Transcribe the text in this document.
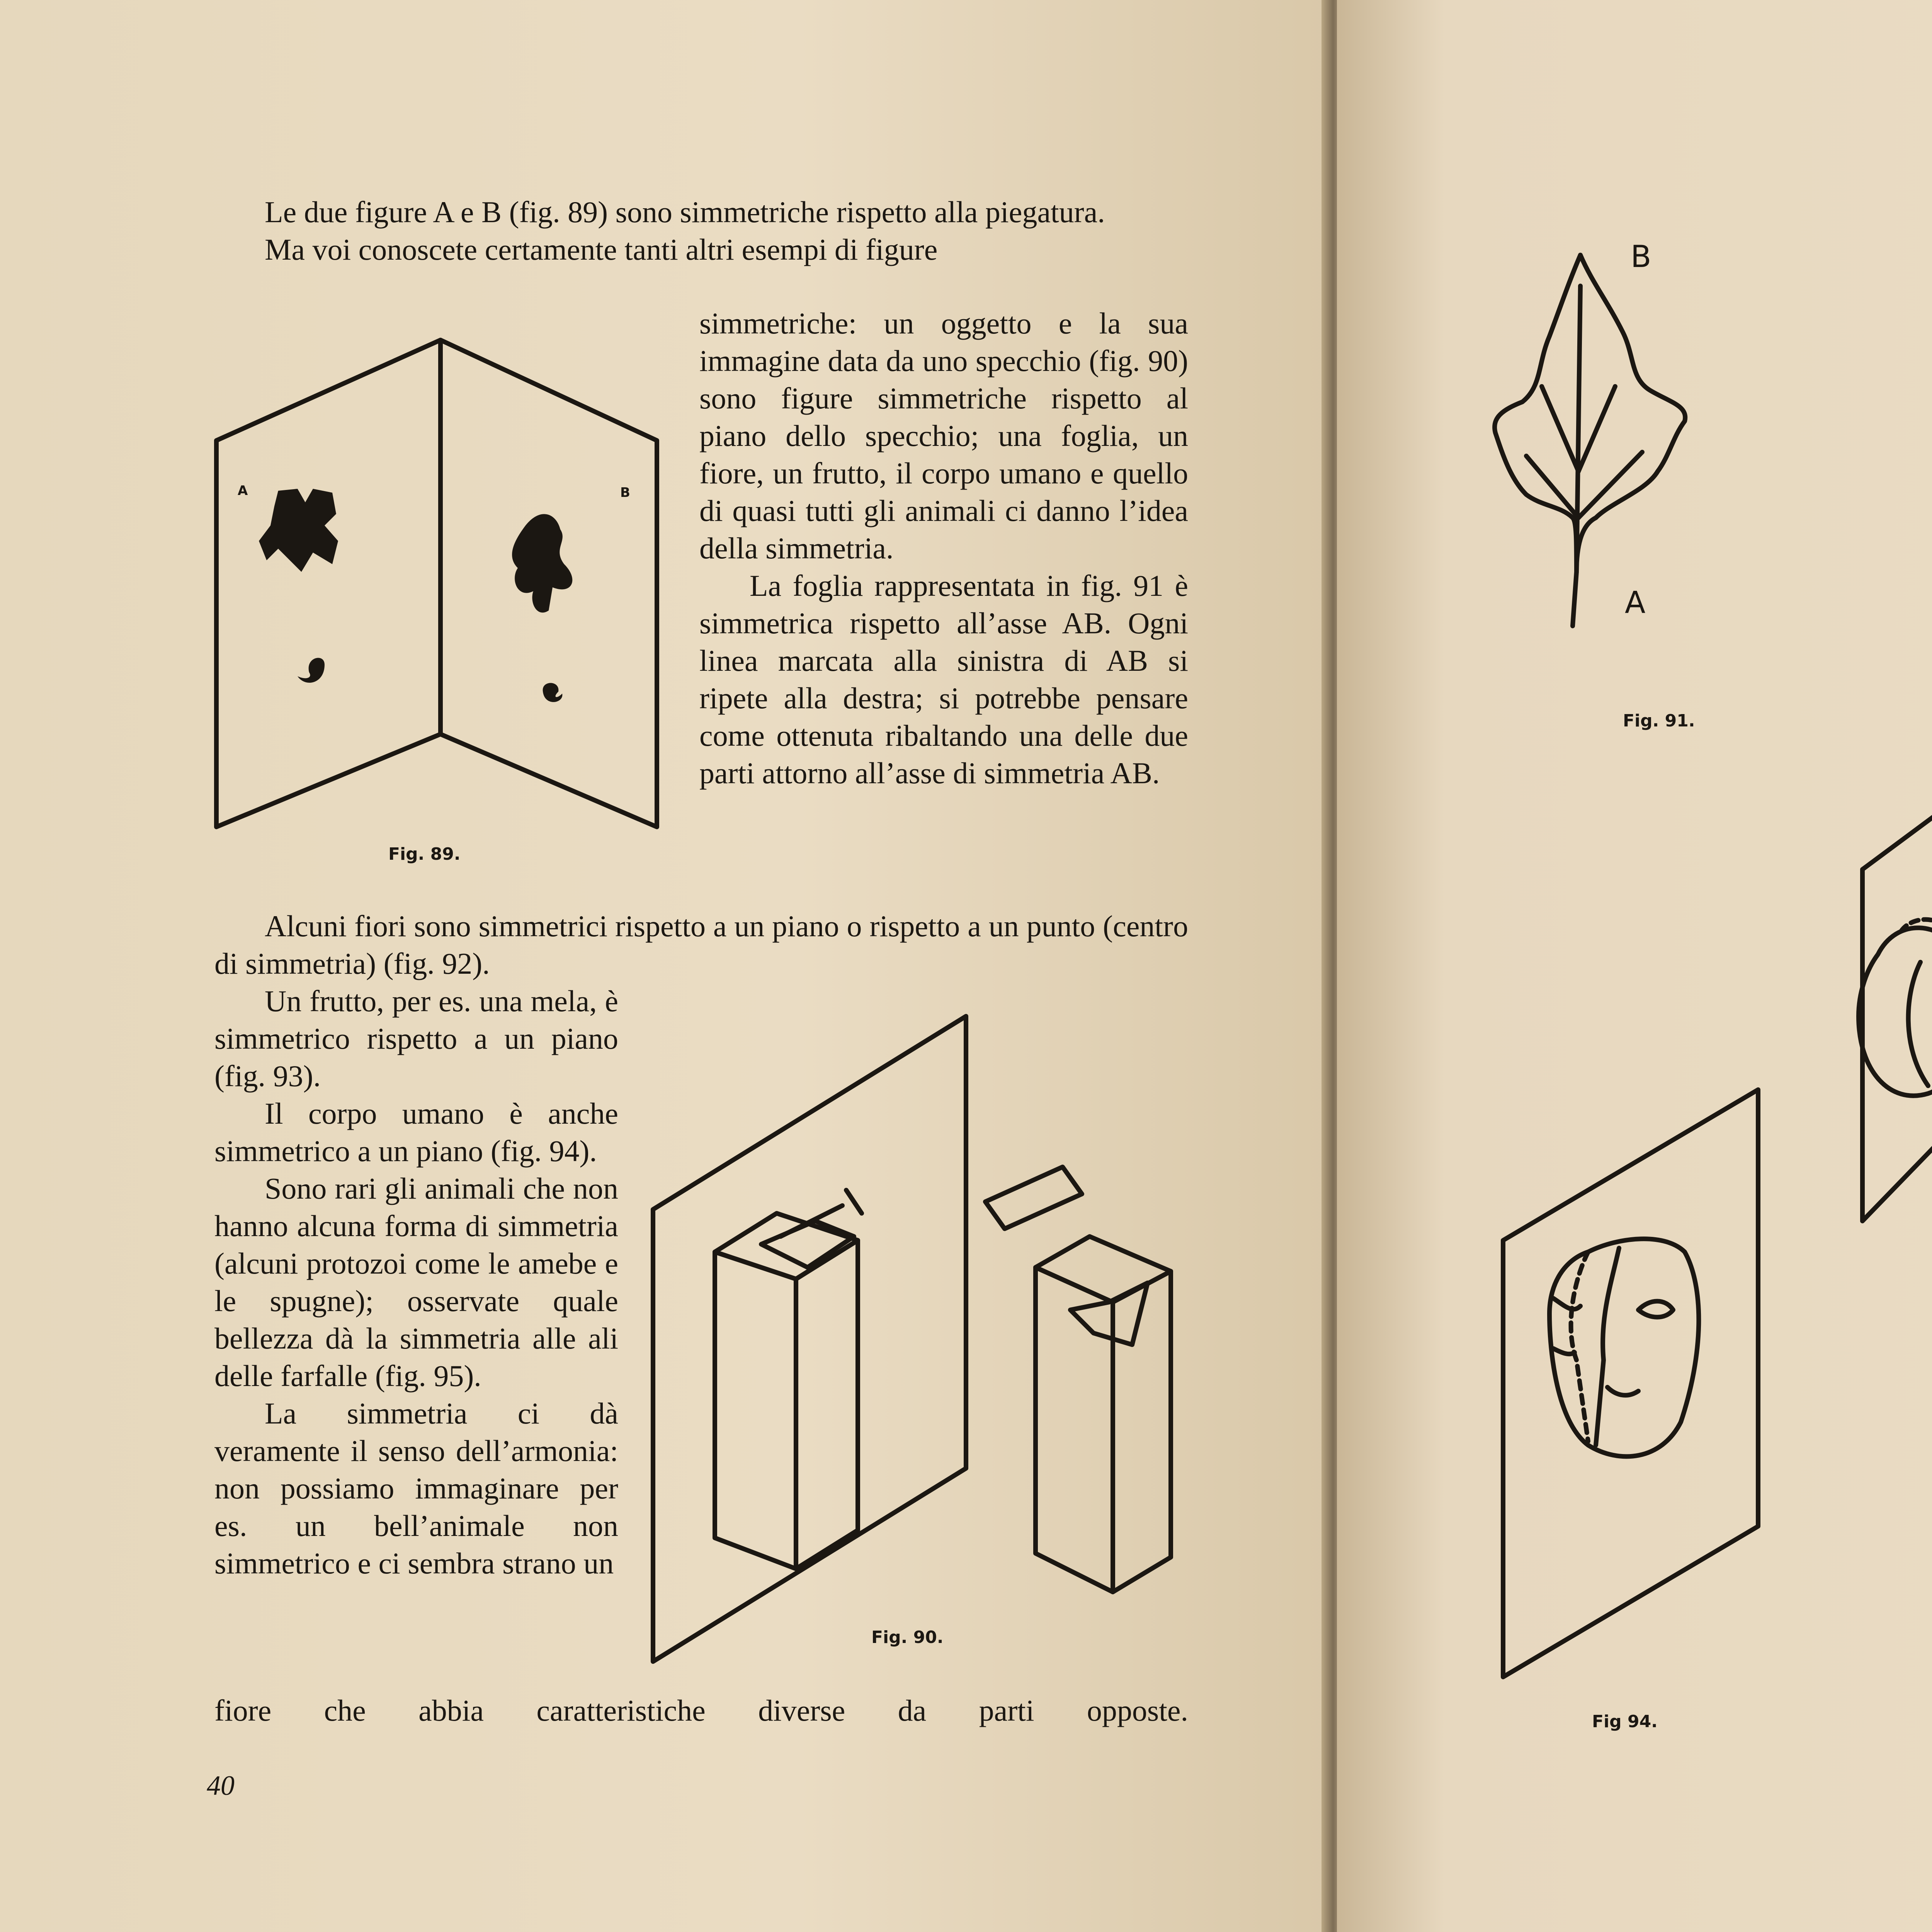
Le due figure A e B (fig. 89) sono simmetriche rispetto alla piegatura.

Ma voi conoscete certamente tanti altri esempi di figure

simmetriche: un oggetto e la sua immagine data da uno specchio (fig. 90) sono figure simmetriche rispetto al piano dello specchio; una foglia, un fiore, un frutto, il corpo umano e quello di quasi tutti gli animali ci danno l’idea della simmetria.

La foglia rappresentata in fig. 91 è simmetrica rispetto all’asse AB. Ogni linea marcata alla sinistra di AB si ripete alla destra; si potrebbe pensare come ottenuta ribaltando una delle due parti attorno all’asse di simmetria AB.

Alcuni fiori sono simmetrici rispetto a un piano o rispetto a un punto (centro di simmetria) (fig. 92).

Un frutto, per es. una mela, è simmetrico rispetto a un piano (fig. 93).

Il corpo umano è anche simmetrico a un piano (fig. 94).

Sono rari gli animali che non hanno alcuna forma di simmetria (alcuni protozoi come le amebe e le spugne); osservate quale bellezza dà la simmetria alle ali delle farfalle (fig. 95).

La simmetria ci dà veramente il senso dell’armonia: non possiamo immaginare per es. un bell’animale non simmetrico e ci sembra strano un

fiore che abbia caratteristiche diverse da parti opposte.

A	B
Fig. 89.
Fig. 90.
40
B
A
Fig. 91.
Fig 94.
